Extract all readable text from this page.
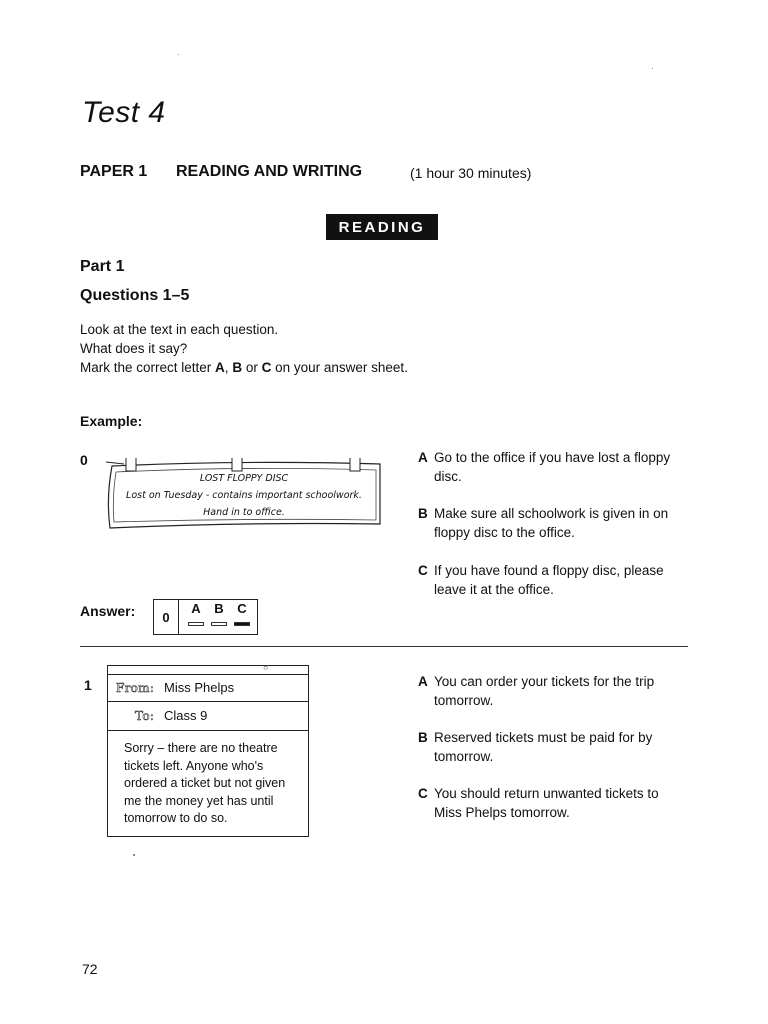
Test 4
PAPER 1 READING AND WRITING	(1 hour 30 minutes)
READING
Part 1
Questions 1–5
Look at the text in each question.
What does it say?
Mark the correct letter A, B or C on your answer sheet.
Example:
0
LOST FLOPPY DISC
Lost on Tuesday - contains important schoolwork.
Hand in to office.
A Go to the office if you have lost a floppy disc.
B Make sure all schoolwork is given in on floppy disc to the office.
C If you have found a floppy disc, please leave it at the office.
Answer:	0
A B C
1
○
From: Miss Phelps
To: Class 9
Sorry – there are no theatre tickets left. Anyone who's ordered a ticket but not given me the money yet has until tomorrow to do so.
A You can order your tickets for the trip tomorrow.
B Reserved tickets must be paid for by tomorrow.
C You should return unwanted tickets to Miss Phelps tomorrow.
72
